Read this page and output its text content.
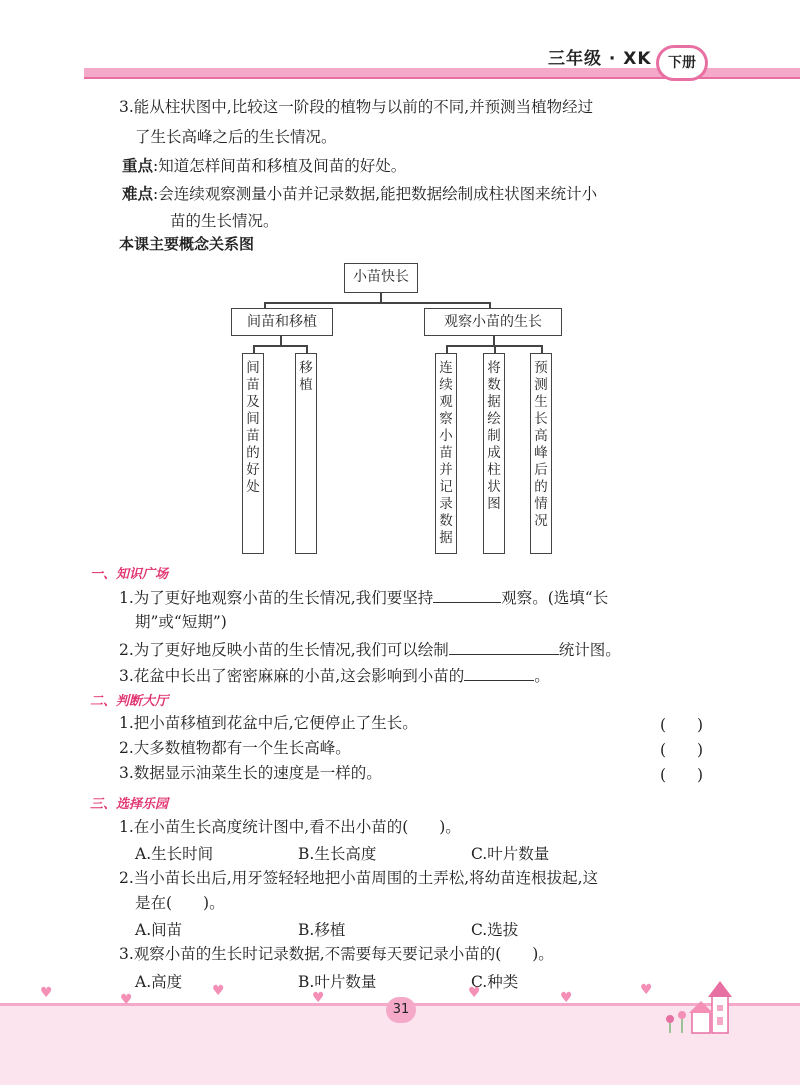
三年级 · XK	下册
3.能从柱状图中,比较这一阶段的植物与以前的不同,并预测当植物经过
了生长高峰之后的生长情况。
重点:知道怎样间苗和移植及间苗的好处。
难点:会连续观察测量小苗并记录数据,能把数据绘制成柱状图来统计小
苗的生长情况。
本课主要概念关系图
小苗快长
间苗和移植	观察小苗的生长
间
苗
及
间
苗
的
好
处
移
植
连
续
观
察
小
苗
并
记
录
数
据
将
数
据
绘
制
成
柱
状
图
预
测
生
长
高
峰
后
的
情
况
一、知识广场
1.为了更好地观察小苗的生长情况,我们要坚持	观察。(选填“长
期”或“短期”)
2.为了更好地反映小苗的生长情况,我们可以绘制	统计图。
3.花盆中长出了密密麻麻的小苗,这会影响到小苗的	。
二、判断大厅
1.把小苗移植到花盆中后,它便停止了生长。	(　　)
2.大多数植物都有一个生长高峰。	(　　)
3.数据显示油菜生长的速度是一样的。	(　　)
三、选择乐园
1.在小苗生长高度统计图中,看不出小苗的(　　)。
A.生长时间	B.生长高度	C.叶片数量
2.当小苗长出后,用牙签轻轻地把小苗周围的土弄松,将幼苗连根拔起,这
是在(　　)。
A.间苗	B.移植	C.选拔
3.观察小苗的生长时记录数据,不需要每天要记录小苗的(　　)。
A.高度	B.叶片数量	C.种类
31
♥	♥
♥	♥	♥	♥	♥
